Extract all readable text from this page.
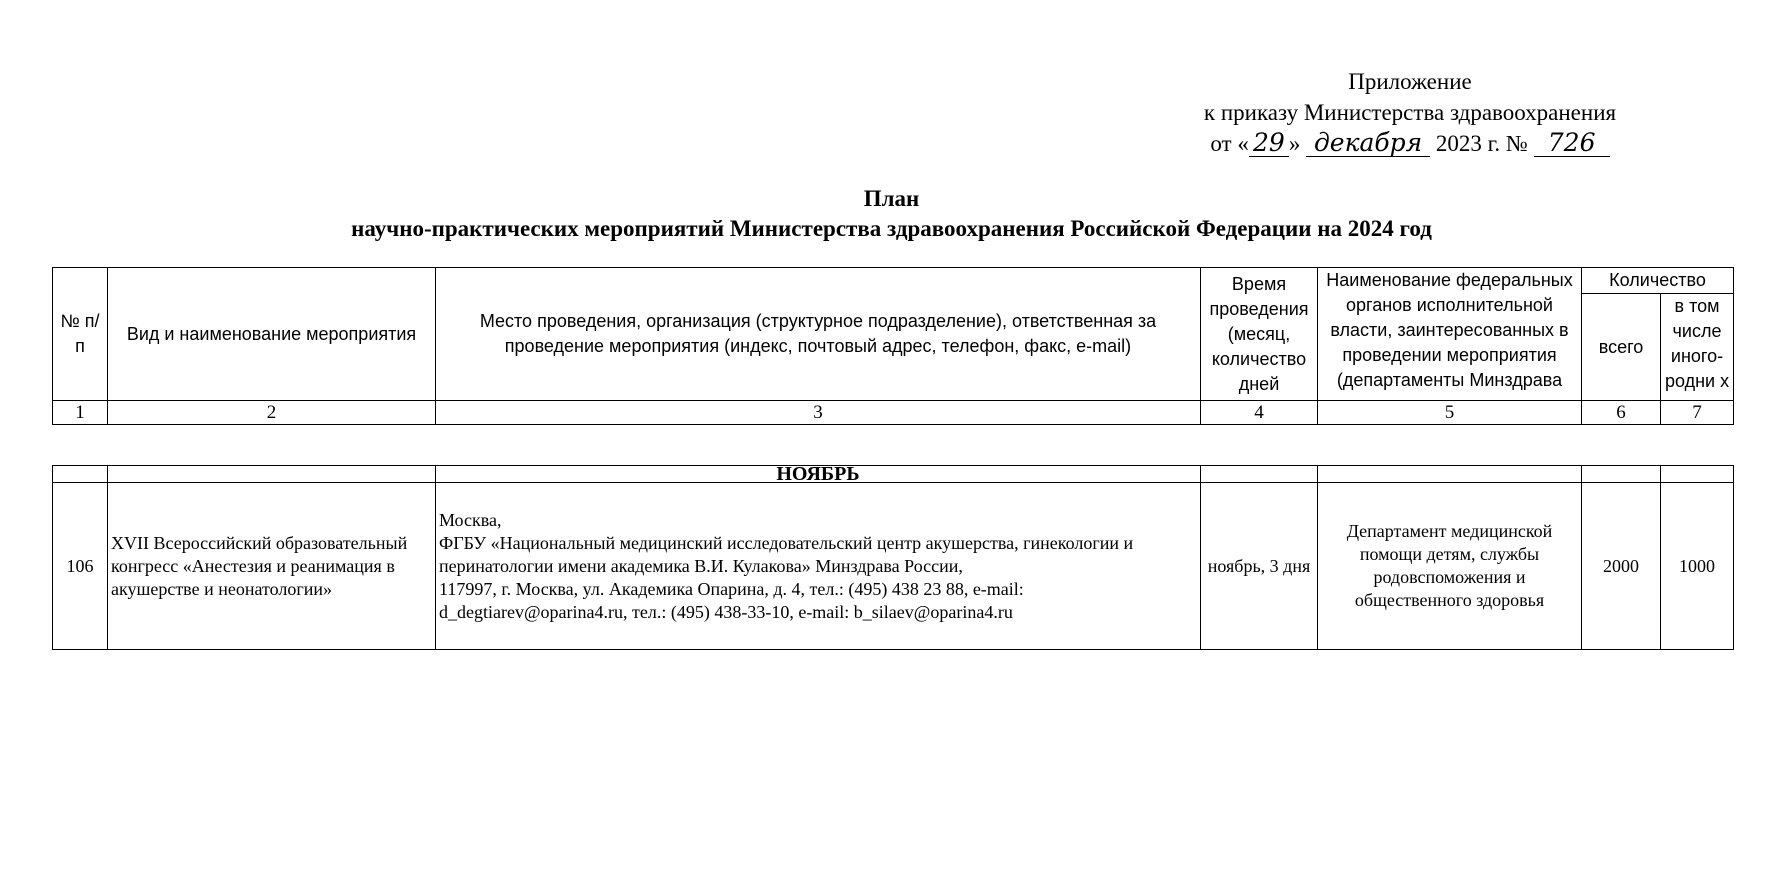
Приложение
к приказу Министерства здравоохранения
от « 29 » декабря 2023 г. № 726
План
научно-практических мероприятий Министерства здравоохранения Российской Федерации на 2024 год
№ п/п	Вид и наименование мероприятия	Место проведения, организация (структурное подразделение), ответственная за проведение мероприятия (индекс, почтовый адрес, телефон, факс, e-mail)	Время проведения (месяц, количество дней	Наименование федеральных органов исполнительной власти, заинтересованных в проведении мероприятия (департаменты Минздрава	Количество	
					всего	в том числе иного-родни х

1	2	3	4	5	6	7
		НОЯБРЬ				
106	XVII Всероссийский образовательный конгресс «Анестезия и реанимация в акушерстве и неонатологии»	Москва,
ФГБУ «Национальный медицинский исследовательский центр акушерства, гинекологии и
перинатологии имени академика В.И. Кулакова» Минздрава России,
117997, г. Москва, ул. Академика Опарина, д. 4, тел.: (495) 438 23 88, e-mail:
d_degtiarev@oparina4.ru, тел.: (495) 438-33-10, e-mail: b_silaev@oparina4.ru	ноябрь, 3 дня	Департамент медицинской помощи детям, службы родовспоможения и общественного здоровья	2000	1000
